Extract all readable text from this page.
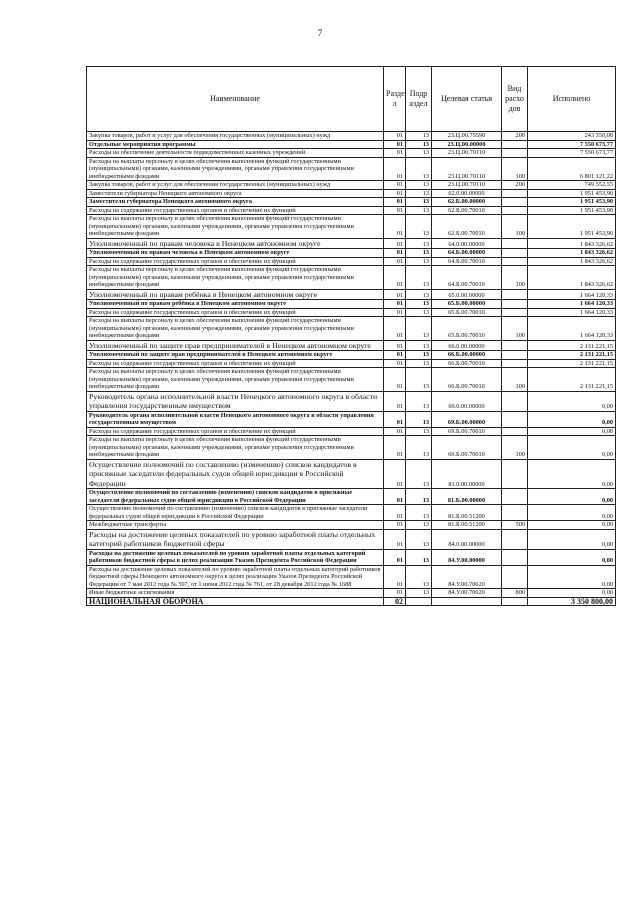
7
Наименование	Разде л	Подр аздел	Целевая статья	Вид расхо дов	Исполнено
Закупка товаров, работ и услуг для обеспечения государственных (муниципальных) нужд	01	13	23.Ц.00.75590	200	243 350,00
Отдельные мероприятия программы	01	13	23.Ц.00.00000		7 550 673,77
Расходы на обеспечение деятельности подведомственных казенных учреждений	01	13	23.Ц.00.70110		7 550 673,77
Расходы на выплаты персоналу в целях обеспечения выполнения функций государственными (муниципальными) органами, казенными учреждениями, органами управления государственными внебюджетными фондами	01	13	23.Ц.00.70110	100	6 801 121,22
Закупка товаров, работ и услуг для обеспечения государственных (муниципальных) нужд	01	13	23.Ц.00.70110	200	749 552,55
Заместители губернатора Ненецкого автономного округа	01	13	62.0.00.00000		1 951 453,90
Заместители губернатора Ненецкого автономного округа	01	13	62.Б.00.00000		1 951 453,90
Расходы на содержание государственных органов и обеспечение их функций	01	13	62.Б.00.70010		1 951 453,90
Расходы на выплаты персоналу в целях обеспечения выполнения функций государственными (муниципальными) органами, казенными учреждениями, органами управления государственными внебюджетными фондами	01	13	62.Б.00.70010	100	1 951 453,90
Уполномоченный по правам человека в Ненецком автономном округе	01	13	64.0.00.00000		1 843 326,62
Уполномоченный по правам человека в Ненецком автономном округе	01	13	64.Б.00.00000		1 843 326,62
Расходы на содержание государственных органов и обеспечение их функций	01	13	64.Б.00.70010		1 843 326,62
Расходы на выплаты персоналу в целях обеспечения выполнения функций государственными (муниципальными) органами, казенными учреждениями, органами управления государственными внебюджетными фондами	01	13	64.Б.00.70010	100	1 843 326,62
Уполномоченный по правам ребёнка в Ненецком автономном округе	01	13	65.0.00.00000		1 664 120,33
Уполномоченный по правам ребёнка в Ненецком автономном округе	01	13	65.Б.00.00000		1 664 120,33
Расходы на содержание государственных органов и обеспечение их функций	01	13	65.Б.00.70010		1 664 120,33
Расходы на выплаты персоналу в целях обеспечения выполнения функций государственными (муниципальными) органами, казенными учреждениями, органами управления государственными внебюджетными фондами	01	13	65.Б.00.70010	100	1 664 120,33
Уполномоченный по защите прав предпринимателей в Ненецком автономном округе	01	13	66.0.00.00000		2 131 221,15
Уполномоченный по защите прав предпринимателей в Ненецком автономном округе	01	13	66.Б.00.00000		2 131 221,15
Расходы на содержание государственных органов и обеспечение их функций	01	13	66.Б.00.70010		2 131 221,15
Расходы на выплаты персоналу в целях обеспечения выполнения функций государственными (муниципальными) органами, казенными учреждениями, органами управления государственными внебюджетными фондами	01	13	66.Б.00.70010	100	2 131 221,15
Руководитель органа исполнительной власти Ненецкого автономного округа в области управления государственным имуществом	01	13	69.0.00.00000		0,00
Руководитель органа исполнительной власти Ненецкого автономного округа в области управления государственным имуществом	01	13	69.Б.00.00000		0,00
Расходы на содержание государственных органов и обеспечение их функций	01	13	69.Б.00.70010		0,00
Расходы на выплаты персоналу в целях обеспечения выполнения функций государственными (муниципальными) органами, казенными учреждениями, органами управления государственными внебюджетными фондами	01	13	69.Б.00.70010	100	0,00
Осуществление полномочий по составлению (изменению) списков кандидатов в присяжные заседатели федеральных судов общей юрисдикции в Российской Федерации	01	13	81.0.00.00000		0,00
Осуществление полномочий по составлению (изменению) списков кандидатов в присяжные заседатели федеральных судов общей юрисдикции в Российской Федерации	01	13	81.Б.00.00000		0,00
Осуществление полномочий по составлению (изменению) списков кандидатов в присяжные заседатели федеральных судов общей юрисдикции в Российской Федерации	01	13	81.Б.00.51200		0,00
Межбюджетные трансферты	01	13	81.Б.00.51200	500	0,00
Расходы на достижение целевых показателей по уровню заработной платы отдельных категорий работников бюджетной сферы	01	13	84.0.00.00000		0,00
Расходы на достижение целевых показателей по уровню заработной платы отдельных категорий работников бюджетной сферы в целях реализации Указов Президента Российской Федерации	01	13	84.У.00.00000		0,00
Расходы на достижение целевых показателей по уровню заработной платы отдельных категорий работников бюджетной сферы Ненецкого автономного округа в целях реализации Указов Президента Российской Федерации от 7 мая 2012 года № 597, от 1 июня 2012 года № 761, от 28 декабря 2012 года № 1688	01	13	84.У.00.70620		0,00
Иные бюджетные ассигнования	01	13	84.У.00.70620	800	0,00
НАЦИОНАЛЬНАЯ ОБОРОНА	02				3 350 800,00
